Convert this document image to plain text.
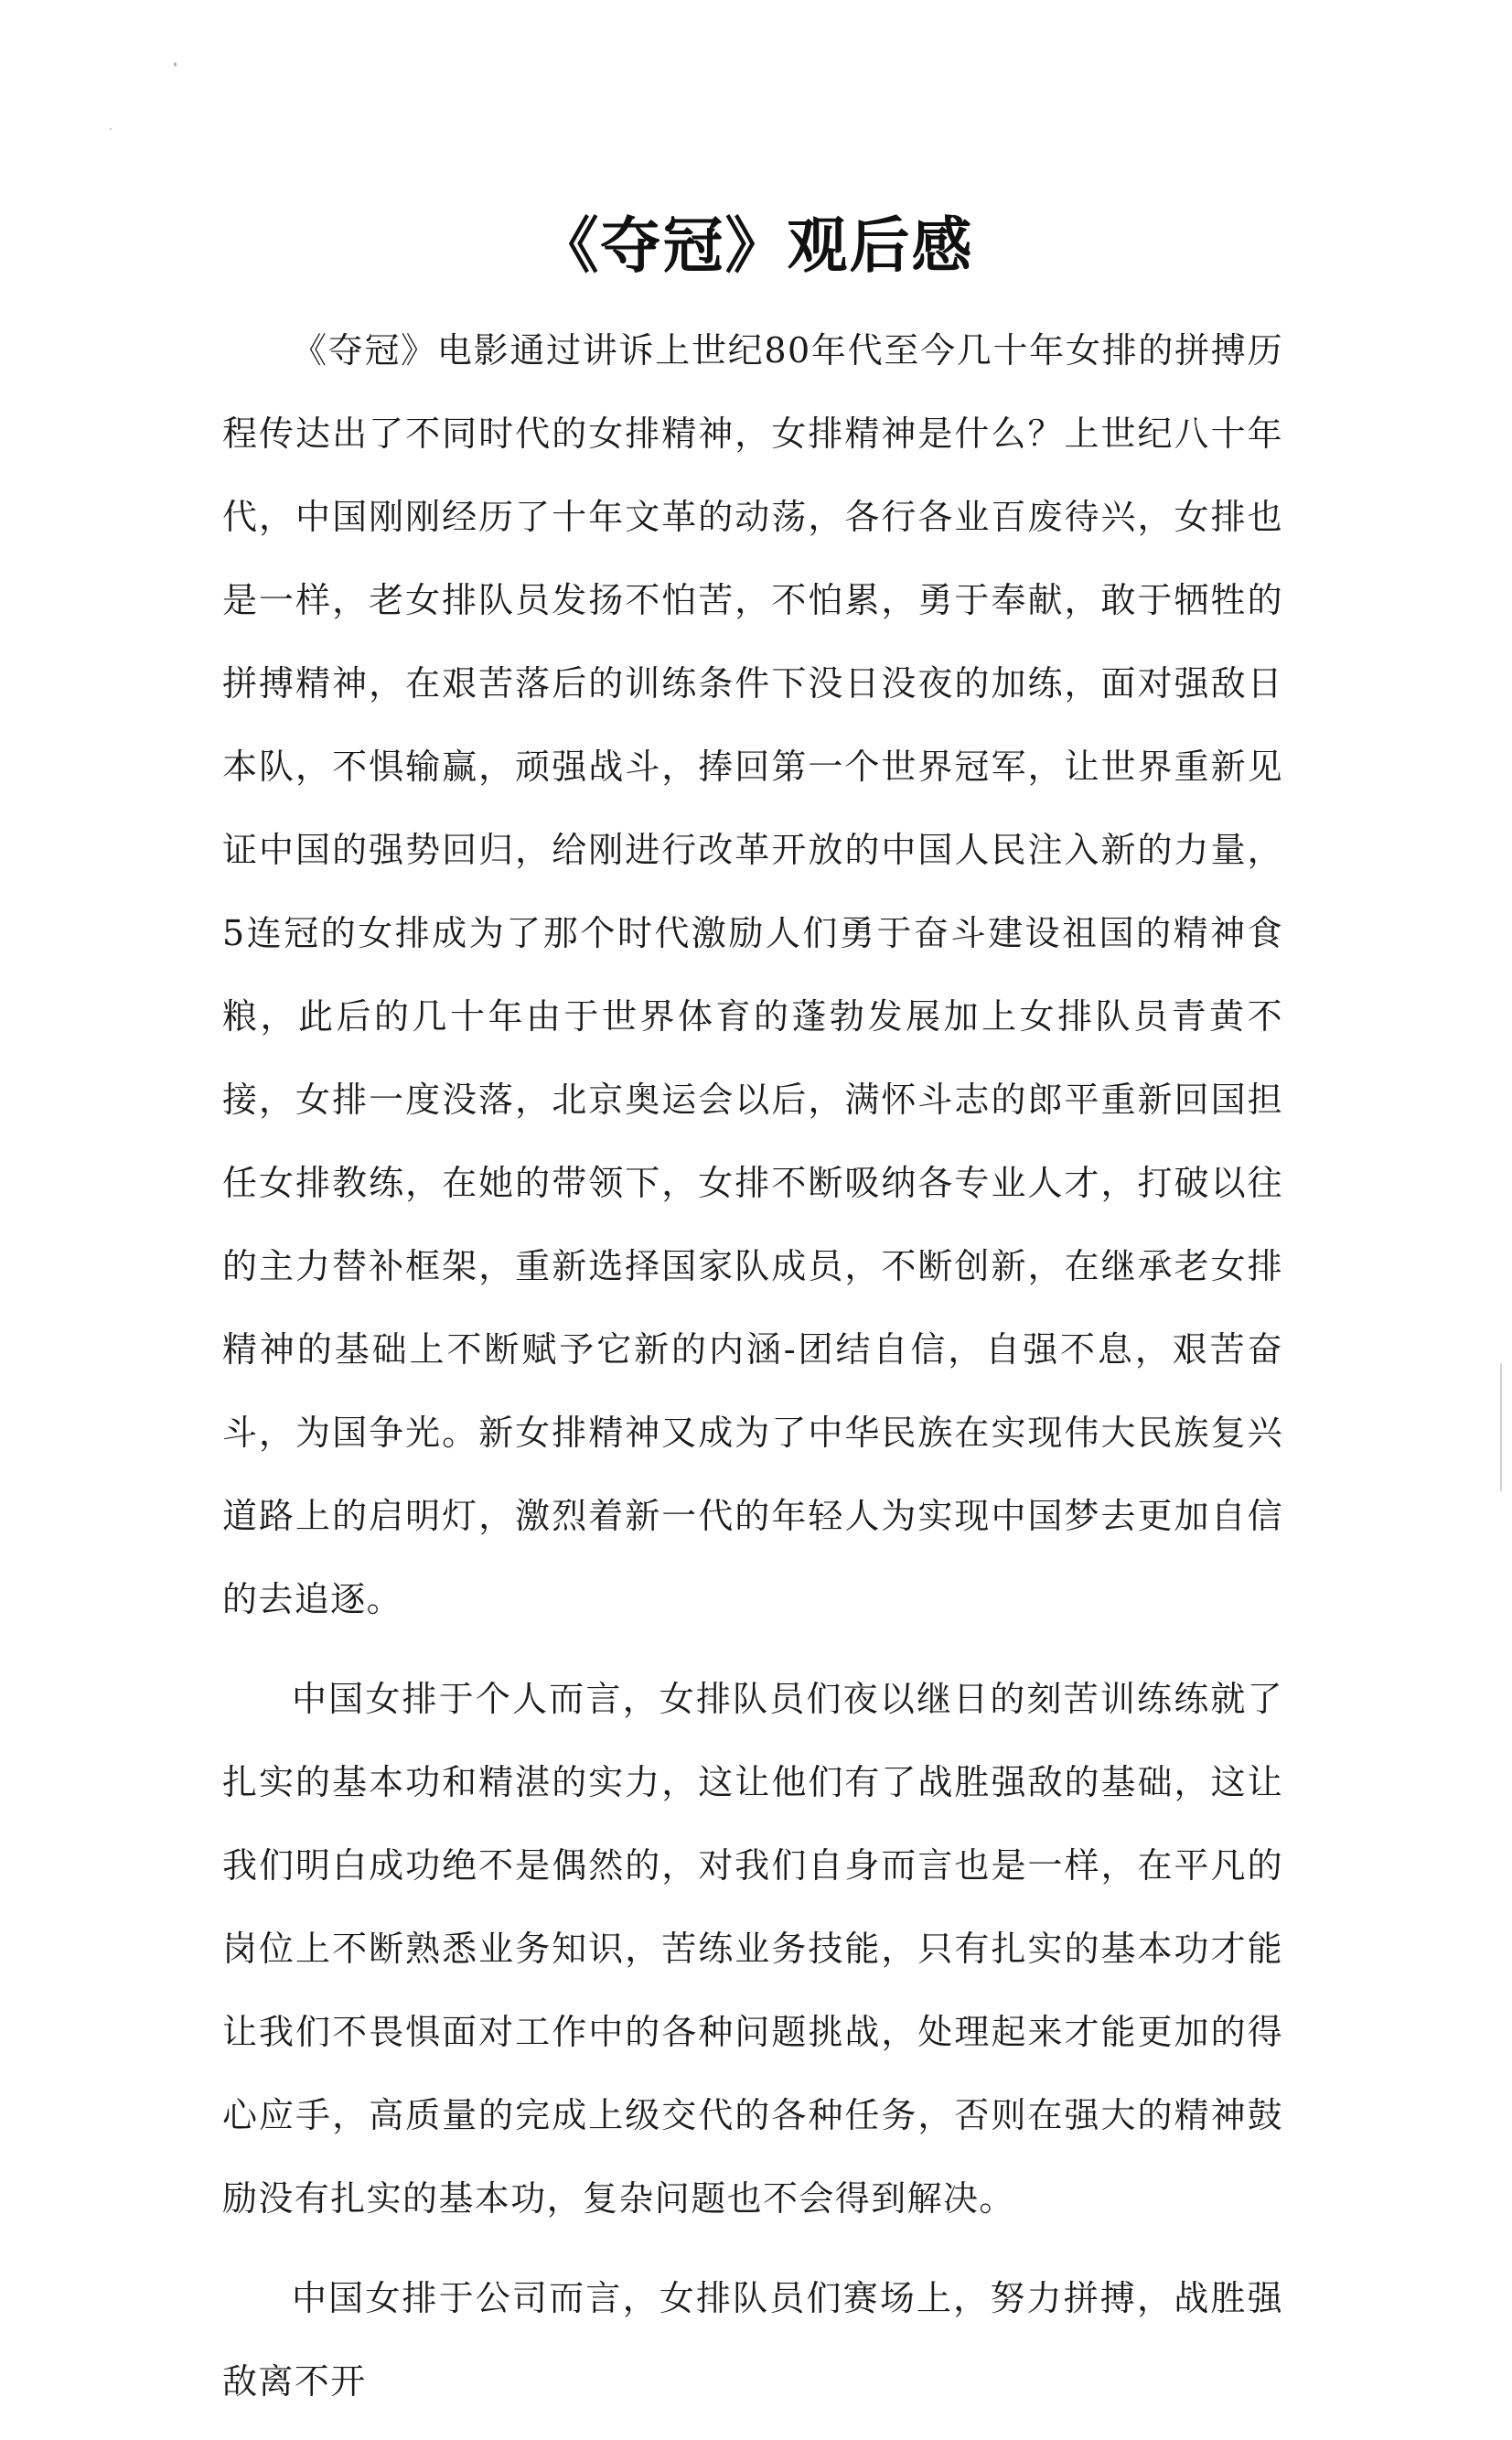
《夺冠》观后感

《夺冠》电影通过讲诉上世纪80年代至今几十年女排的拼搏历程传达出了不同时代的女排精神，女排精神是什么？上世纪八十年代，中国刚刚经历了十年文革的动荡，各行各业百废待兴，女排也是一样，老女排队员发扬不怕苦，不怕累，勇于奉献，敢于牺牲的拼搏精神，在艰苦落后的训练条件下没日没夜的加练，面对强敌日本队，不惧输赢，顽强战斗，捧回第一个世界冠军，让世界重新见证中国的强势回归，给刚进行改革开放的中国人民注入新的力量，5连冠的女排成为了那个时代激励人们勇于奋斗建设祖国的精神食粮，此后的几十年由于世界体育的蓬勃发展加上女排队员青黄不接，女排一度没落，北京奥运会以后，满怀斗志的郎平重新回国担任女排教练，在她的带领下，女排不断吸纳各专业人才，打破以往的主力替补框架，重新选择国家队成员，不断创新，在继承老女排精神的基础上不断赋予它新的内涵-团结自信，自强不息，艰苦奋斗，为国争光。新女排精神又成为了中华民族在实现伟大民族复兴道路上的启明灯，激烈着新一代的年轻人为实现中国梦去更加自信的去追逐。

中国女排于个人而言，女排队员们夜以继日的刻苦训练练就了扎实的基本功和精湛的实力，这让他们有了战胜强敌的基础，这让我们明白成功绝不是偶然的，对我们自身而言也是一样，在平凡的岗位上不断熟悉业务知识，苦练业务技能，只有扎实的基本功才能让我们不畏惧面对工作中的各种问题挑战，处理起来才能更加的得心应手，高质量的完成上级交代的各种任务，否则在强大的精神鼓励没有扎实的基本功，复杂问题也不会得到解决。

中国女排于公司而言，女排队员们赛场上，努力拼搏，战胜强敌离不开
